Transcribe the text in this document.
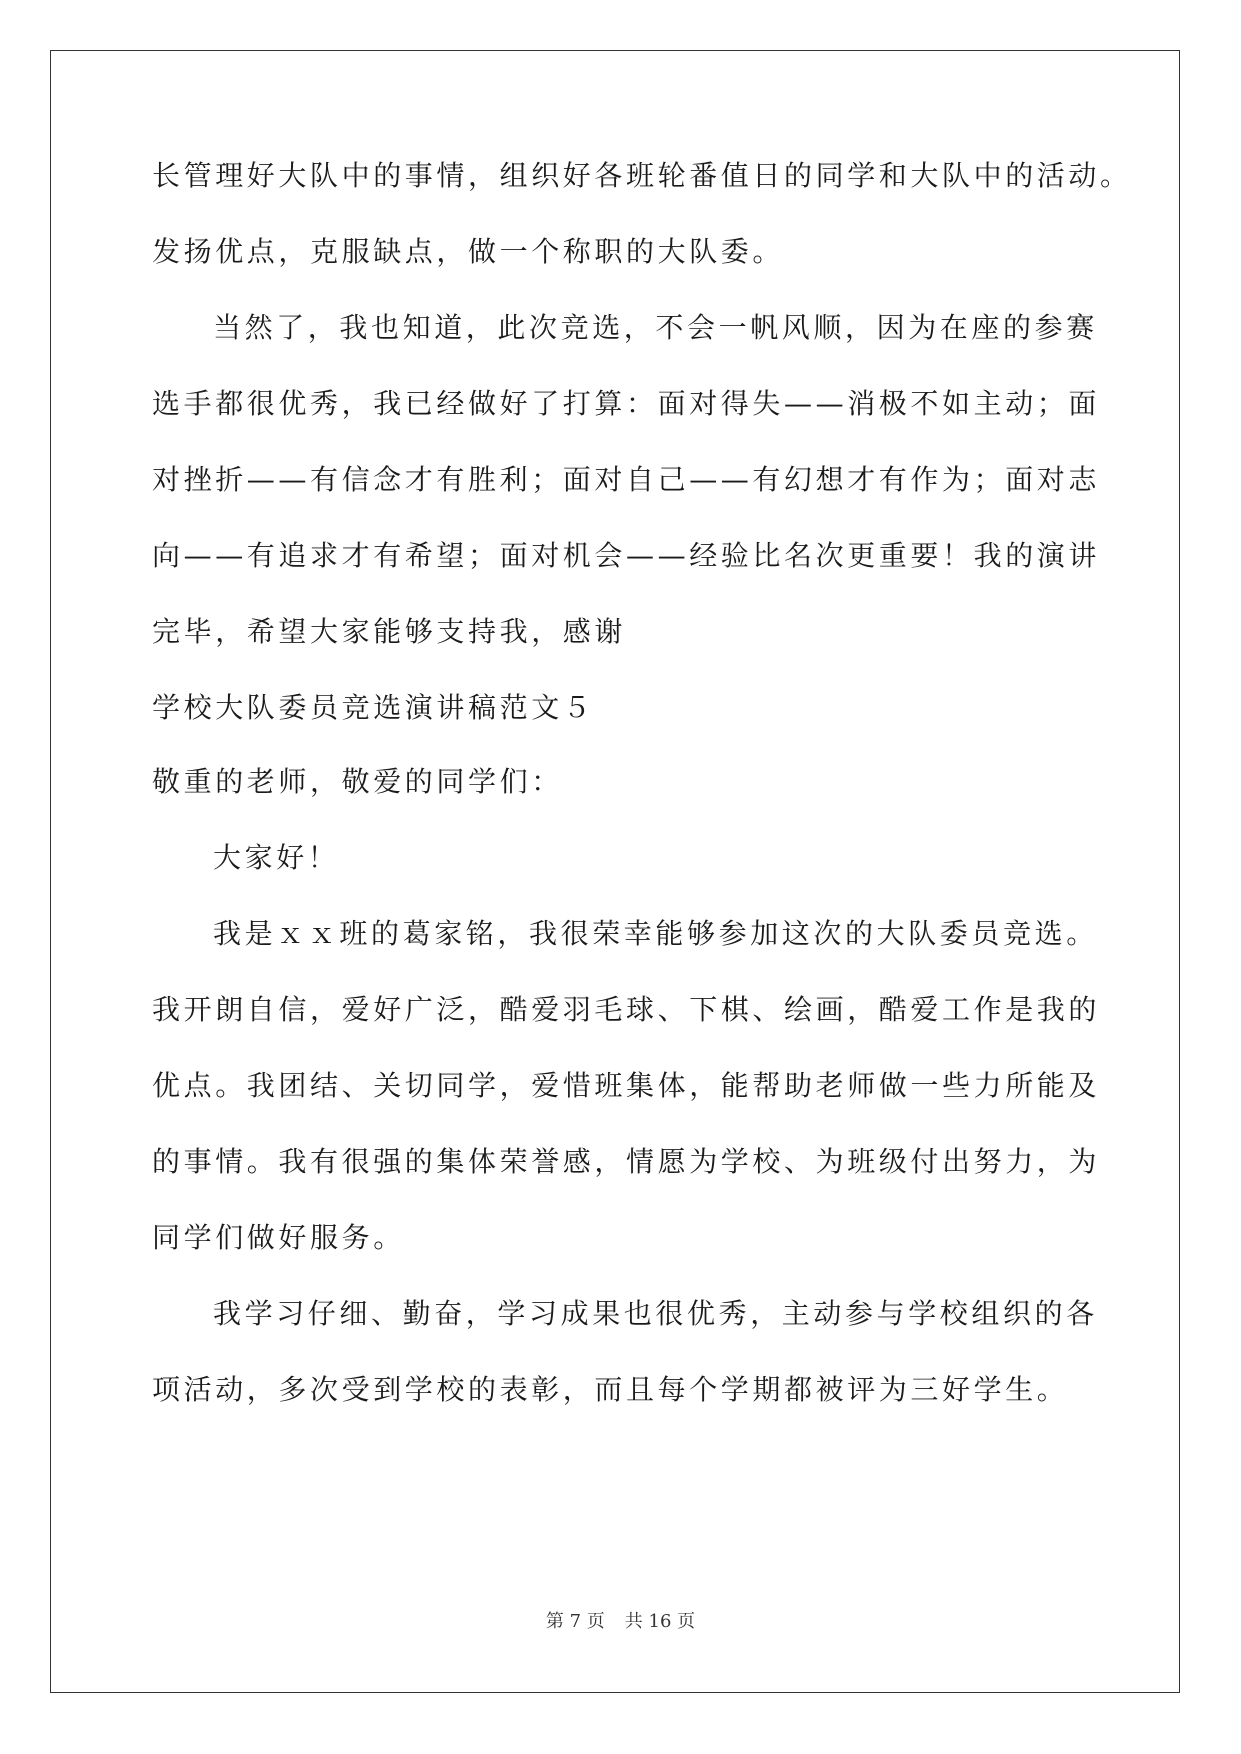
长管理好大队中的事情，组织好各班轮番值日的同学和大队中的活动。
发扬优点，克服缺点，做一个称职的大队委。
当然了，我也知道，此次竞选，不会一帆风顺，因为在座的参赛
选手都很优秀，我已经做好了打算：面对得失——消极不如主动；面
对挫折——有信念才有胜利；面对自己——有幻想才有作为；面对志
向——有追求才有希望；面对机会——经验比名次更重要！我的演讲
完毕，希望大家能够支持我，感谢
学校大队委员竞选演讲稿范文５
敬重的老师，敬爱的同学们：
大家好！
我是ｘｘ班的葛家铭，我很荣幸能够参加这次的大队委员竞选。
我开朗自信，爱好广泛，酷爱羽毛球、下棋、绘画，酷爱工作是我的
优点。我团结、关切同学，爱惜班集体，能帮助老师做一些力所能及
的事情。我有很强的集体荣誉感，情愿为学校、为班级付出努力，为
同学们做好服务。
我学习仔细、勤奋，学习成果也很优秀，主动参与学校组织的各
项活动，多次受到学校的表彰，而且每个学期都被评为三好学生。
第 7 页 共 16 页
